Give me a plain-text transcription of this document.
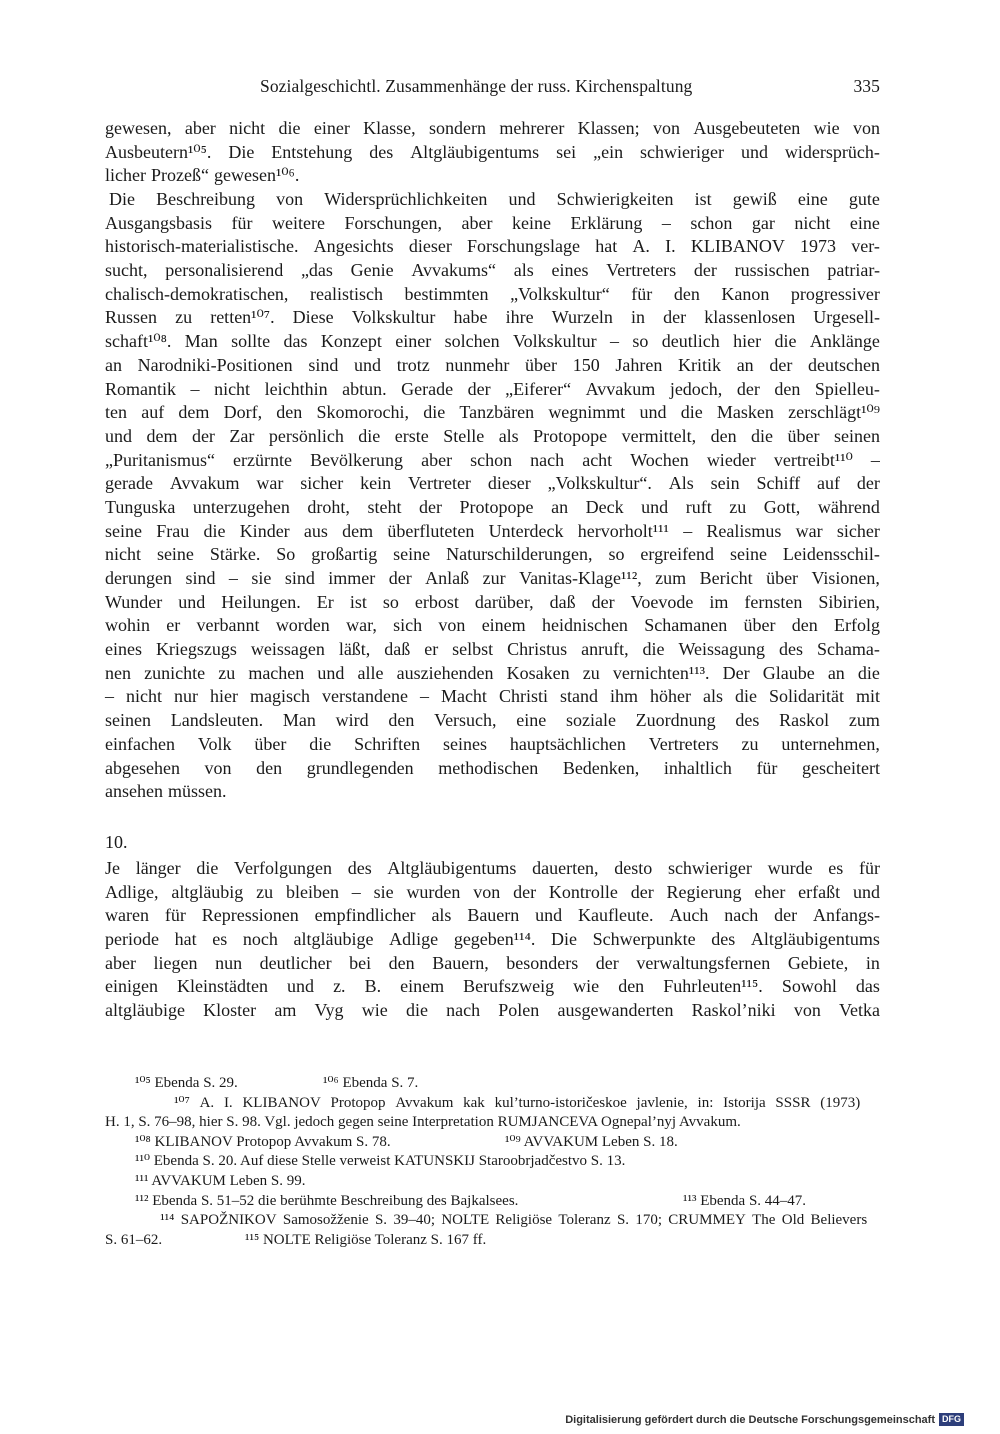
Sozialgeschichtl. Zusammenhänge der russ. Kirchenspaltung	335
gewesen, aber nicht die einer Klasse, sondern mehrerer Klassen; von Ausgebeuteten wie von
Ausbeutern¹⁰⁵. Die Entstehung des Altgläubigentums sei „ein schwieriger und widersprüch-
licher Prozeß“ gewesen¹⁰⁶.
Die Beschreibung von Widersprüchlichkeiten und Schwierigkeiten ist gewiß eine gute
Ausgangsbasis für weitere Forschungen, aber keine Erklärung – schon gar nicht eine
historisch-materialistische. Angesichts dieser Forschungslage hat A. I. KLIBANOV 1973 ver-
sucht, personalisierend „das Genie Avvakums“ als eines Vertreters der russischen patriar-
chalisch-demokratischen, realistisch bestimmten „Volkskultur“ für den Kanon progressiver
Russen zu retten¹⁰⁷. Diese Volkskultur habe ihre Wurzeln in der klassenlosen Urgesell-
schaft¹⁰⁸. Man sollte das Konzept einer solchen Volkskultur – so deutlich hier die Anklänge
an Narodniki-Positionen sind und trotz nunmehr über 150 Jahren Kritik an der deutschen
Romantik – nicht leichthin abtun. Gerade der „Eiferer“ Avvakum jedoch, der den Spielleu-
ten auf dem Dorf, den Skomorochi, die Tanzbären wegnimmt und die Masken zerschlägt¹⁰⁹
und dem der Zar persönlich die erste Stelle als Protopope vermittelt, den die über seinen
„Puritanismus“ erzürnte Bevölkerung aber schon nach acht Wochen wieder vertreibt¹¹⁰ –
gerade Avvakum war sicher kein Vertreter dieser „Volkskultur“. Als sein Schiff auf der
Tunguska unterzugehen droht, steht der Protopope an Deck und ruft zu Gott, während
seine Frau die Kinder aus dem überfluteten Unterdeck hervorholt¹¹¹ – Realismus war sicher
nicht seine Stärke. So großartig seine Naturschilderungen, so ergreifend seine Leidensschil-
derungen sind – sie sind immer der Anlaß zur Vanitas-Klage¹¹², zum Bericht über Visionen,
Wunder und Heilungen. Er ist so erbost darüber, daß der Voevode im fernsten Sibirien,
wohin er verbannt worden war, sich von einem heidnischen Schamanen über den Erfolg
eines Kriegszugs weissagen läßt, daß er selbst Christus anruft, die Weissagung des Schama-
nen zunichte zu machen und alle ausziehenden Kosaken zu vernichten¹¹³. Der Glaube an die
– nicht nur hier magisch verstandene – Macht Christi stand ihm höher als die Solidarität mit
seinen Landsleuten. Man wird den Versuch, eine soziale Zuordnung des Raskol zum
einfachen Volk über die Schriften seines hauptsächlichen Vertreters zu unternehmen,
abgesehen von den grundlegenden methodischen Bedenken, inhaltlich für gescheitert
ansehen müssen.
10.
Je länger die Verfolgungen des Altgläubigentums dauerten, desto schwieriger wurde es für
Adlige, altgläubig zu bleiben – sie wurden von der Kontrolle der Regierung eher erfaßt und
waren für Repressionen empfindlicher als Bauern und Kaufleute. Auch nach der Anfangs-
periode hat es noch altgläubige Adlige gegeben¹¹⁴. Die Schwerpunkte des Altgläubigentums
aber liegen nun deutlicher bei den Bauern, besonders der verwaltungsfernen Gebiete, in
einigen Kleinstädten und z. B. einem Berufszweig wie den Fuhrleuten¹¹⁵. Sowohl das
altgläubige Kloster am Vyg wie die nach Polen ausgewanderten Raskol’niki von Vetka
¹⁰⁵ Ebenda S. 29.	¹⁰⁶ Ebenda S. 7.
¹⁰⁷ A. I. KLIBANOV Protopop Avvakum kak kul’turno-istoričeskoe javlenie, in: Istorija SSSR (1973)
H. 1, S. 76–98, hier S. 98. Vgl. jedoch gegen seine Interpretation RUMJANCEVA Ognepal’nyj Avvakum.
¹⁰⁸ KLIBANOV Protopop Avvakum S. 78.	¹⁰⁹ AVVAKUM Leben S. 18.
¹¹⁰ Ebenda S. 20. Auf diese Stelle verweist KATUNSKIJ Staroobrjadčestvo S. 13.
¹¹¹ AVVAKUM Leben S. 99.
¹¹² Ebenda S. 51–52 die berühmte Beschreibung des Bajkalsees.	¹¹³ Ebenda S. 44–47.
¹¹⁴ SAPOŽNIKOV Samosožženie S. 39–40; NOLTE Religiöse Toleranz S. 170; CRUMMEY The Old Believers
S. 61–62.	¹¹⁵ NOLTE Religiöse Toleranz S. 167 ff.
Digitalisierung gefördert durch die Deutsche Forschungsgemeinschaft DFG
